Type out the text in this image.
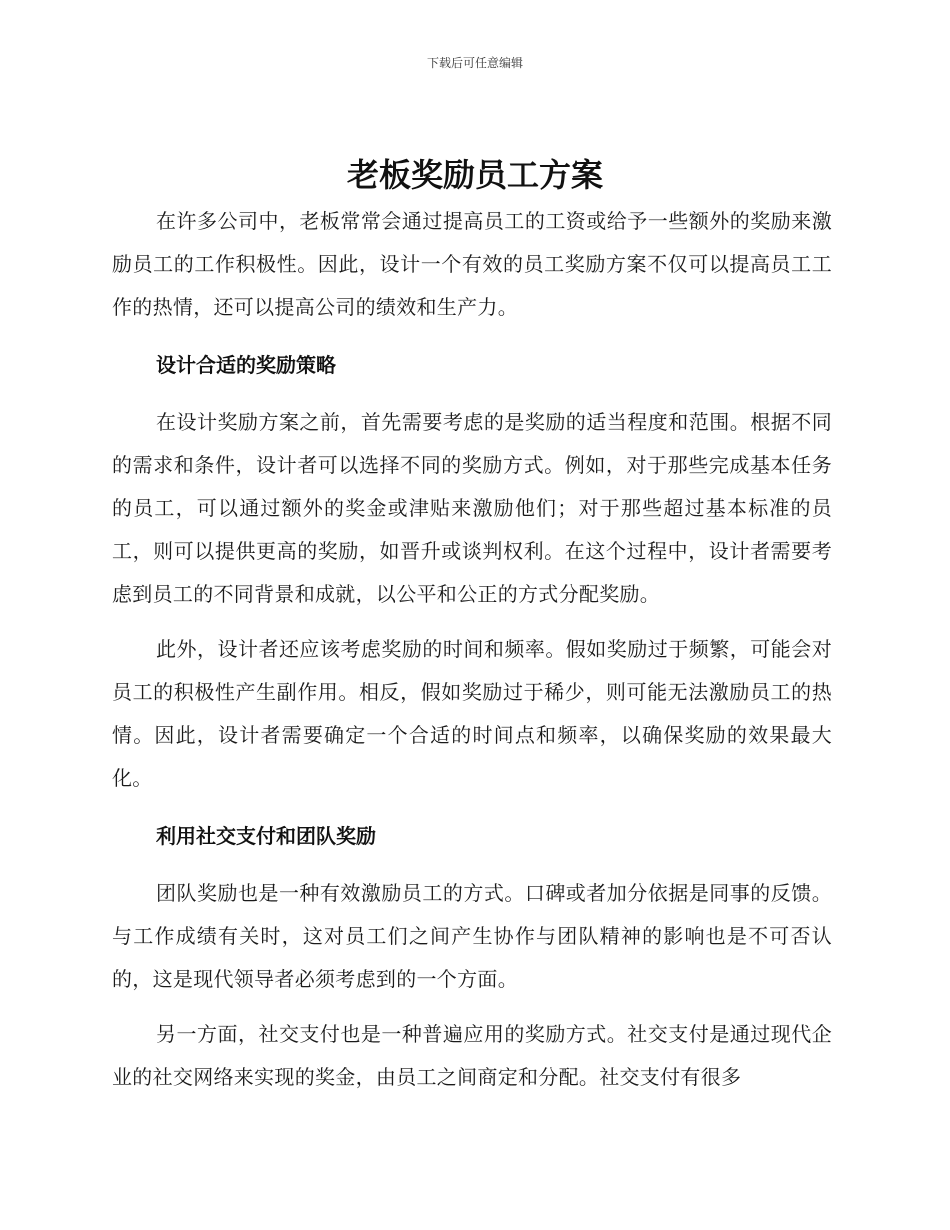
下载后可任意编辑
老板奖励员工方案

在许多公司中，老板常常会通过提高员工的工资或给予一些额外的奖励来激励员工的工作积极性。因此，设计一个有效的员工奖励方案不仅可以提高员工工作的热情，还可以提高公司的绩效和生产力。

设计合适的奖励策略

在设计奖励方案之前，首先需要考虑的是奖励的适当程度和范围。根据不同的需求和条件，设计者可以选择不同的奖励方式。例如，对于那些完成基本任务的员工，可以通过额外的奖金或津贴来激励他们；对于那些超过基本标准的员工，则可以提供更高的奖励，如晋升或谈判权利。在这个过程中，设计者需要考虑到员工的不同背景和成就，以公平和公正的方式分配奖励。

此外，设计者还应该考虑奖励的时间和频率。假如奖励过于频繁，可能会对员工的积极性产生副作用。相反，假如奖励过于稀少，则可能无法激励员工的热情。因此，设计者需要确定一个合适的时间点和频率，以确保奖励的效果最大化。

利用社交支付和团队奖励

团队奖励也是一种有效激励员工的方式。口碑或者加分依据是同事的反馈。与工作成绩有关时，这对员工们之间产生协作与团队精神的影响也是不可否认的，这是现代领导者必须考虑到的一个方面。

另一方面，社交支付也是一种普遍应用的奖励方式。社交支付是通过现代企业的社交网络来实现的奖金，由员工之间商定和分配。社交支付有很多
